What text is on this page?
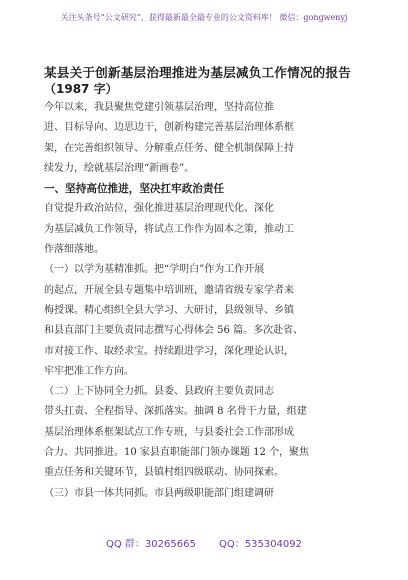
关注头条号“公文研究”，获得最新最全最专业的公文资料库！ 微信：gongwenyj
某县关于创新基层治理推进为基层减负工作情况的报告
（1987 字）
今年以来，我县聚焦党建引领基层治理，坚持高位推
进、目标导向、边思边干，创新构建完善基层治理体系框
架，在完善组织领导、分解重点任务、健全机制保障上持
续发力，绘就基层治理“新画卷”。
一、坚持高位推进，坚决扛牢政治责任
自觉提升政治站位，强化推进基层治理现代化、深化
为基层减负工作领导，将试点工作作为固本之策，推动工
作落细落地。
（一）以学为基精准抓。把“学明白”作为工作开展
的起点，开展全县专题集中培训班，邀请省级专家学者来
梅授课。精心组织全县大学习、大研讨，县级领导、乡镇
和县直部门主要负责同志撰写心得体会 56 篇。多次赴省、
市对接工作、取经求宝。持续跟进学习，深化理论认识，
牢牢把准工作方向。
（二）上下协同全力抓。县委、县政府主要负责同志
带头扛责、全程指导、深抓落实。抽调 8 名骨干力量，组建
基层治理体系框架试点工作专班，与县委社会工作部形成
合力、共同推进。10 家县直职能部门领办课题 12 个，聚焦
重点任务和关键环节，县镇村组四级联动、协同探索。
（三）市县一体共同抓。市县两级职能部门组建调研
QQ 群：30265665 QQ：535304092
